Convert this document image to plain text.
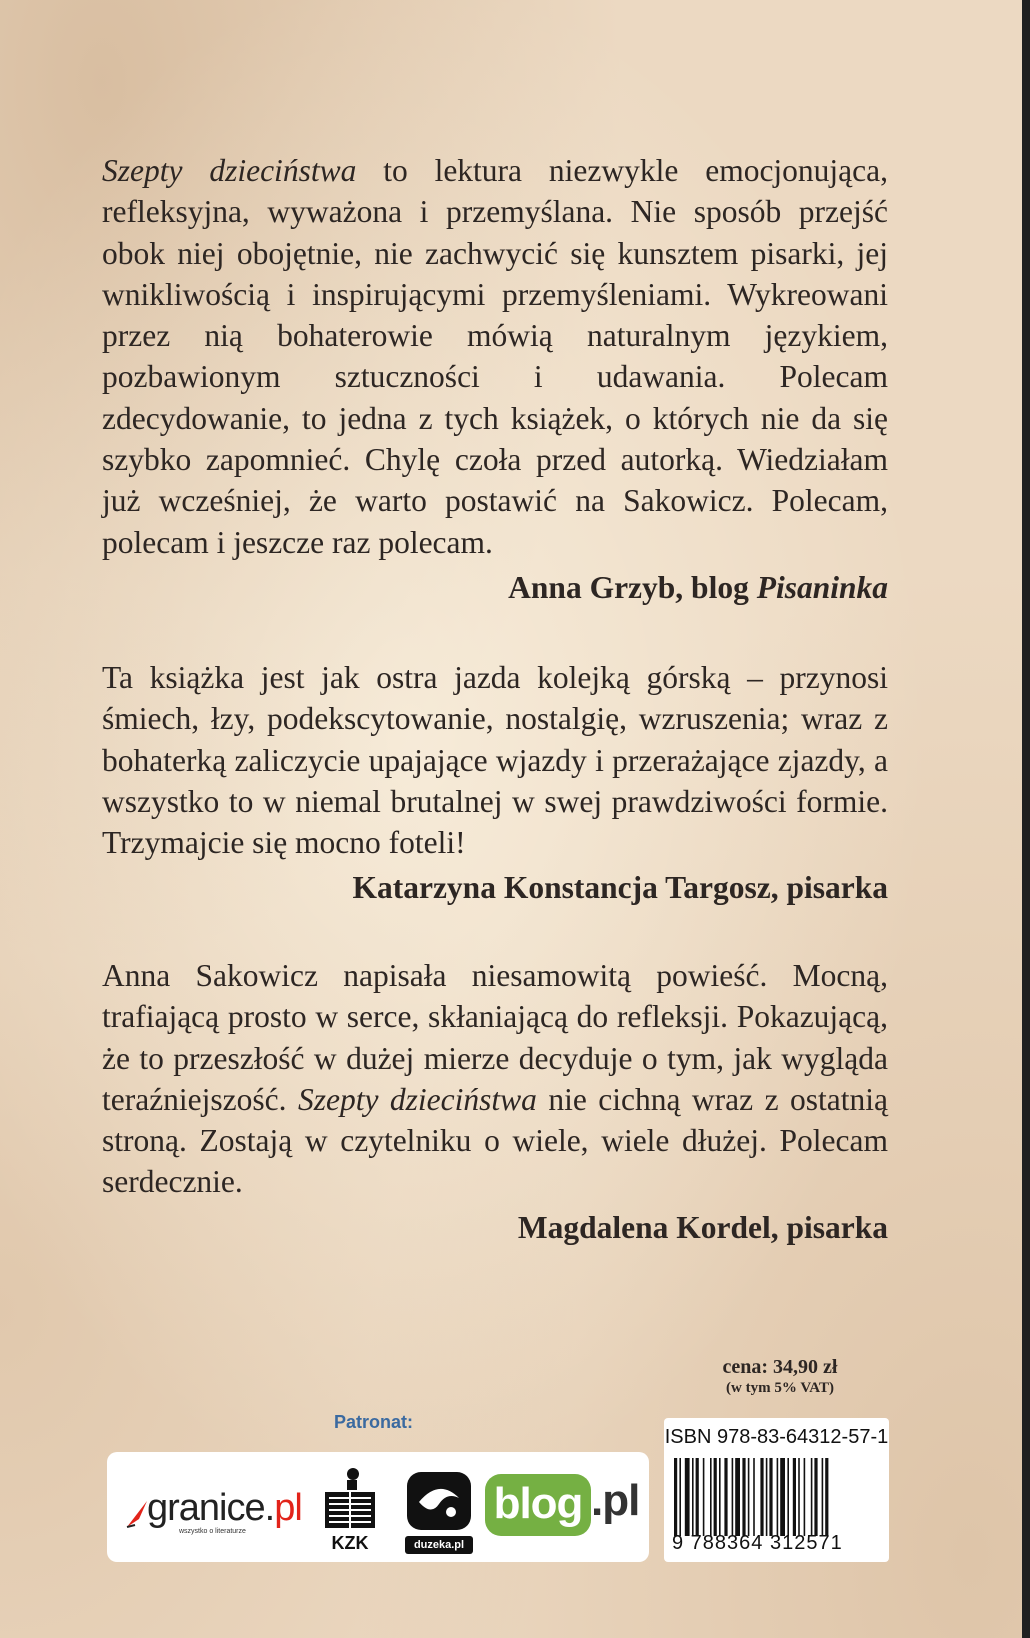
Szepty dzieciństwa to lektura niezwykle emocjonująca, refleksyjna, wyważona i przemyślana. Nie sposób przejść obok niej obojętnie, nie zachwycić się kunsztem pisarki, jej wnikliwością i inspirującymi przemyśleniami. Wykreowani przez nią bohaterowie mówią naturalnym językiem, pozbawionym sztuczności i udawania. Polecam zdecydowanie, to jedna z tych książek, o których nie da się szybko zapomnieć. Chylę czoła przed autorką. Wiedziałam już wcześniej, że warto postawić na Sakowicz. Polecam, polecam i jeszcze raz polecam.
Anna Grzyb, blog Pisaninka
Ta książka jest jak ostra jazda kolejką górską – przynosi śmiech, łzy, podekscytowanie, nostalgię, wzruszenia; wraz z bohaterką zaliczycie upajające wjazdy i przerażające zjazdy, a wszystko to w niemal brutalnej w swej prawdziwości formie. Trzymajcie się mocno foteli!
Katarzyna Konstancja Targosz, pisarka
Anna Sakowicz napisała niesamowitą powieść. Mocną, trafiającą prosto w serce, skłaniającą do refleksji. Pokazującą, że to przeszłość w dużej mierze decyduje o tym, jak wygląda teraźniejszość. Szepty dzieciństwa nie cichną wraz z ostatnią stroną. Zostają w czytelniku o wiele, wiele dłużej. Polecam serdecznie.
Magdalena Kordel, pisarka
cena: 34,90 zł
(w tym 5% VAT)
Patronat:
granice.pl
wszystko o literaturze
KZK	duzeka.pl
blog .pl
ISBN 978-83-64312-57-1
9 788364 312571
